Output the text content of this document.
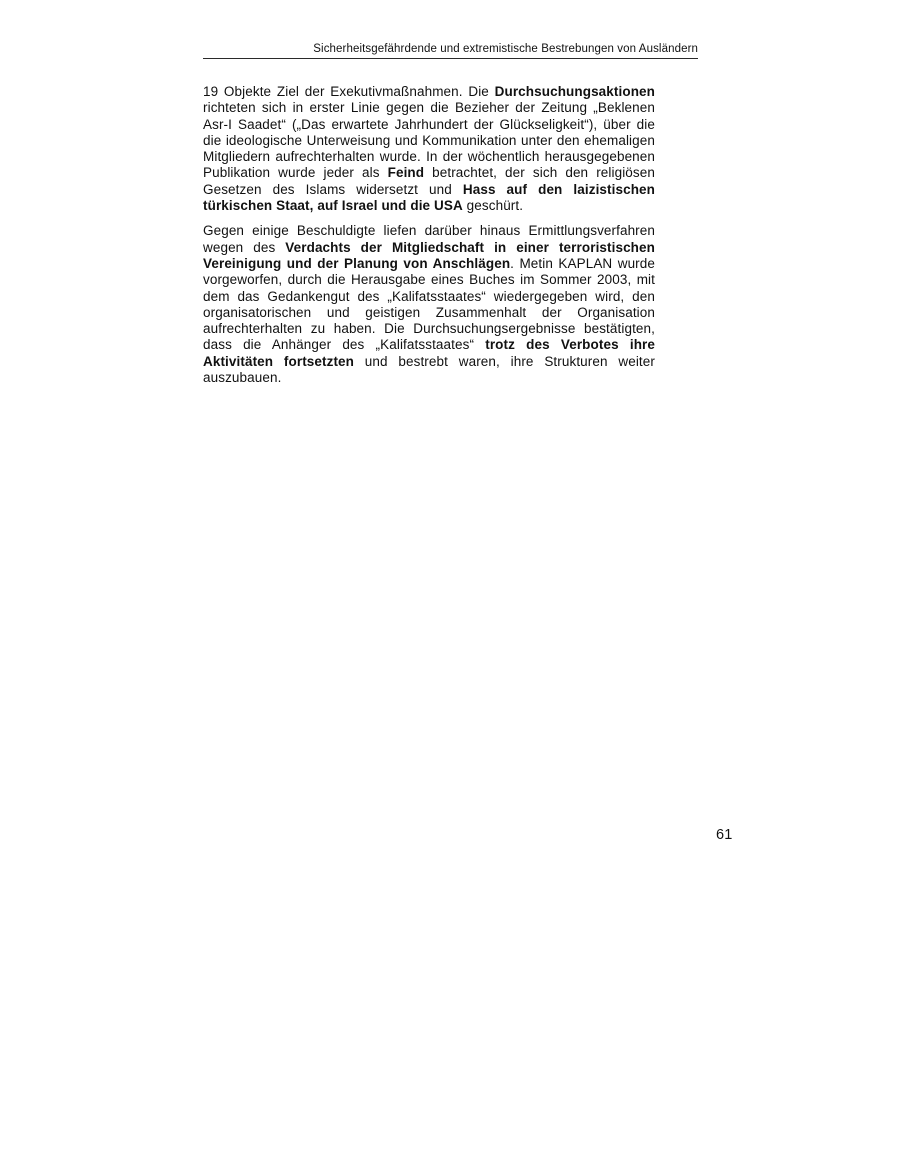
Sicherheitsgefährdende und extremistische Bestrebungen von Ausländern

19 Objekte Ziel der Exekutivmaßnahmen. Die Durchsuchungsaktionen richteten sich in erster Linie gegen die Bezieher der Zeitung „Beklenen Asr-I Saadet“ („Das erwartete Jahrhundert der Glückseligkeit“), über die die ideologische Unterweisung und Kommunikation unter den ehemaligen Mitgliedern aufrechterhalten wurde. In der wöchentlich herausgegebenen Publikation wurde jeder als Feind betrachtet, der sich den religiösen Gesetzen des Islams widersetzt und Hass auf den laizistischen türkischen Staat, auf Israel und die USA geschürt.

Gegen einige Beschuldigte liefen darüber hinaus Ermittlungsverfahren wegen des Verdachts der Mitgliedschaft in einer terroristischen Vereinigung und der Planung von Anschlägen. Metin KAPLAN wurde vorgeworfen, durch die Herausgabe eines Buches im Sommer 2003, mit dem das Gedankengut des „Kalifatsstaates“ wiedergegeben wird, den organisatorischen und geistigen Zusammenhalt der Organisation aufrechterhalten zu haben. Die Durchsuchungsergebnisse bestätigten, dass die Anhänger des „Kalifatsstaates“ trotz des Verbotes ihre Aktivitäten fortsetzten und bestrebt waren, ihre Strukturen weiter auszubauen.

61
